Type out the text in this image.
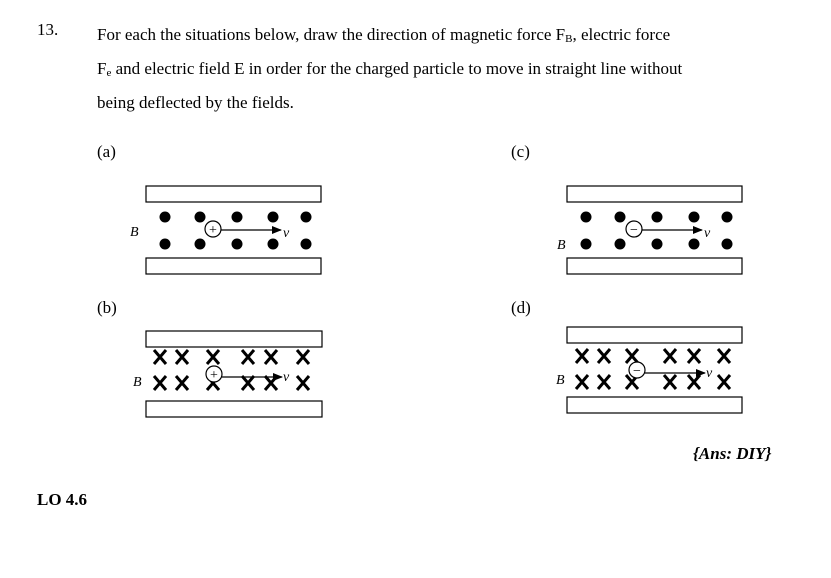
13. For each the situations below, draw the direction of magnetic force $F_B$, electric force
$F_e$ and electric field E in order for the charged particle to move in straight line without
being deflected by the fields.
(a)
(b)
(c)
(d)
B	+	v
B	+	v
B
−	v
B
−	v
{Ans: DIY}
LO 4.6
